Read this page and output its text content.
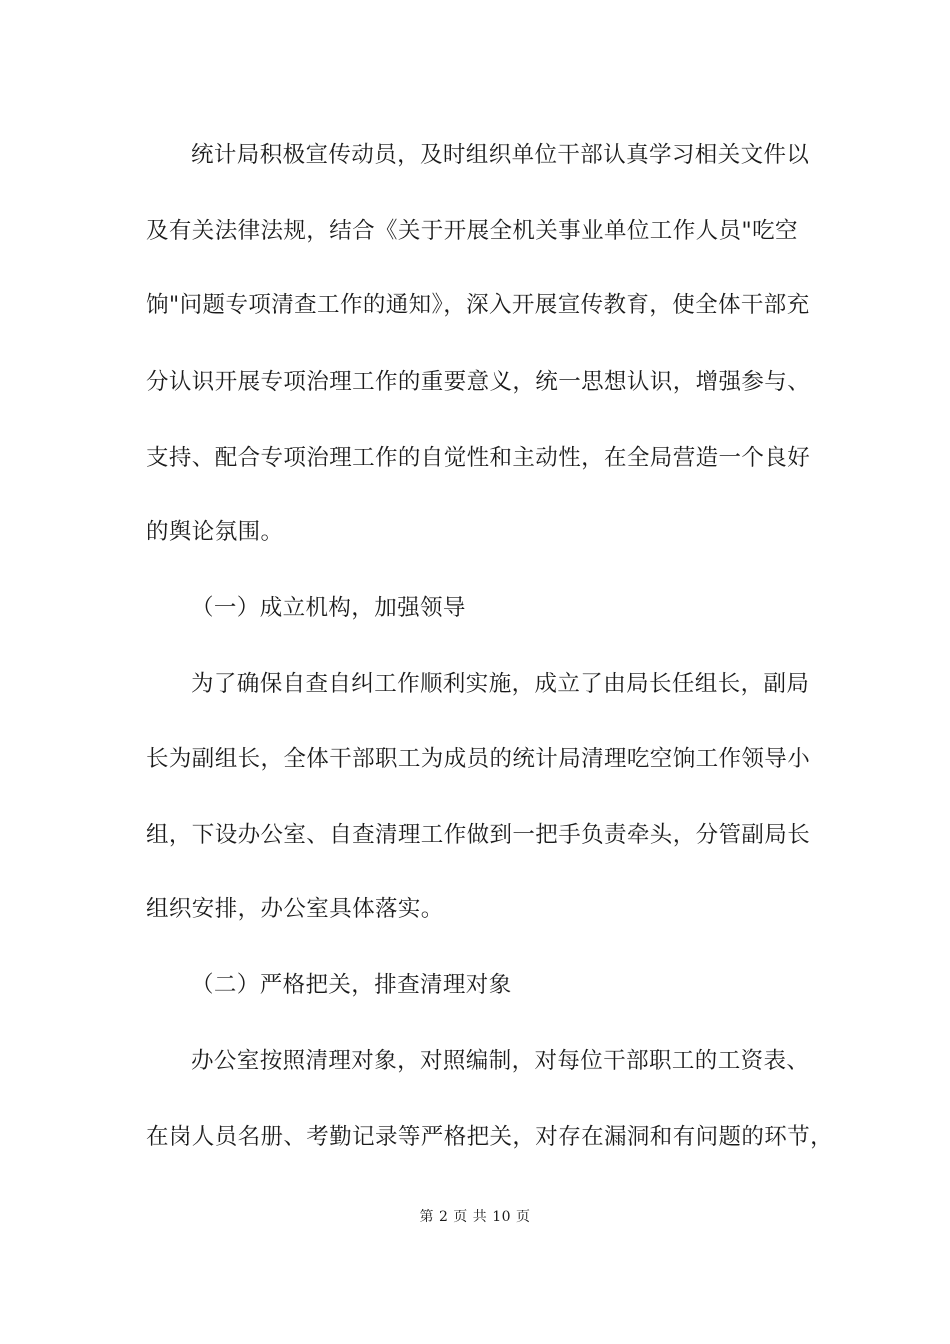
统计局积极宣传动员，及时组织单位干部认真学习相关文件以
及有关法律法规，结合《关于开展全机关事业单位工作人员"吃空
饷"问题专项清查工作的通知》，深入开展宣传教育，使全体干部充
分认识开展专项治理工作的重要意义，统一思想认识，增强参与、
支持、配合专项治理工作的自觉性和主动性，在全局营造一个良好
的舆论氛围。
（一）成立机构，加强领导
为了确保自查自纠工作顺利实施，成立了由局长任组长，副局
长为副组长，全体干部职工为成员的统计局清理吃空饷工作领导小
组，下设办公室、自查清理工作做到一把手负责牵头，分管副局长
组织安排，办公室具体落实。
（二）严格把关，排查清理对象
办公室按照清理对象，对照编制，对每位干部职工的工资表、
在岗人员名册、考勤记录等严格把关，对存在漏洞和有问题的环节，
第 2 页 共 10 页
